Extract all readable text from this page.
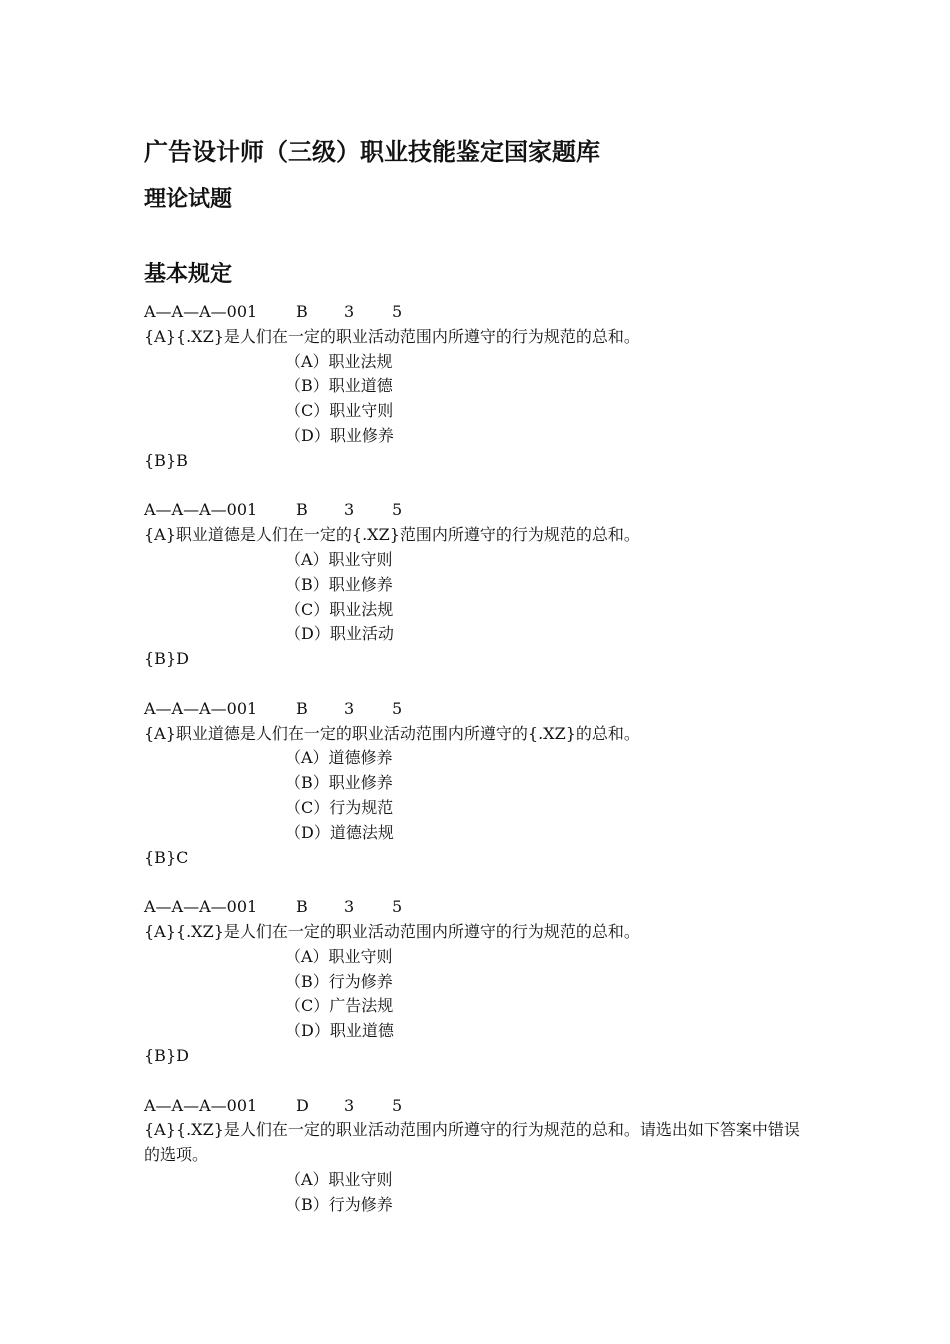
广告设计师（三级）职业技能鉴定国家题库
理论试题
基本规定
A—A—A—001 B 3 5
{A}{.XZ}是人们在一定的职业活动范围内所遵守的行为规范的总和。
（A）职业法规
（B）职业道德
（C）职业守则
（D）职业修养
{B}B
A—A—A—001 B 3 5
{A}职业道德是人们在一定的{.XZ}范围内所遵守的行为规范的总和。
（A）职业守则
（B）职业修养
（C）职业法规
（D）职业活动
{B}D
A—A—A—001 B 3 5
{A}职业道德是人们在一定的职业活动范围内所遵守的{.XZ}的总和。
（A）道德修养
（B）职业修养
（C）行为规范
（D）道德法规
{B}C
A—A—A—001 B 3 5
{A}{.XZ}是人们在一定的职业活动范围内所遵守的行为规范的总和。
（A）职业守则
（B）行为修养
（C）广告法规
（D）职业道德
{B}D
A—A—A—001 D 3 5
{A}{.XZ}是人们在一定的职业活动范围内所遵守的行为规范的总和。请选出如下答案中错误的选项。
（A）职业守则
（B）行为修养
